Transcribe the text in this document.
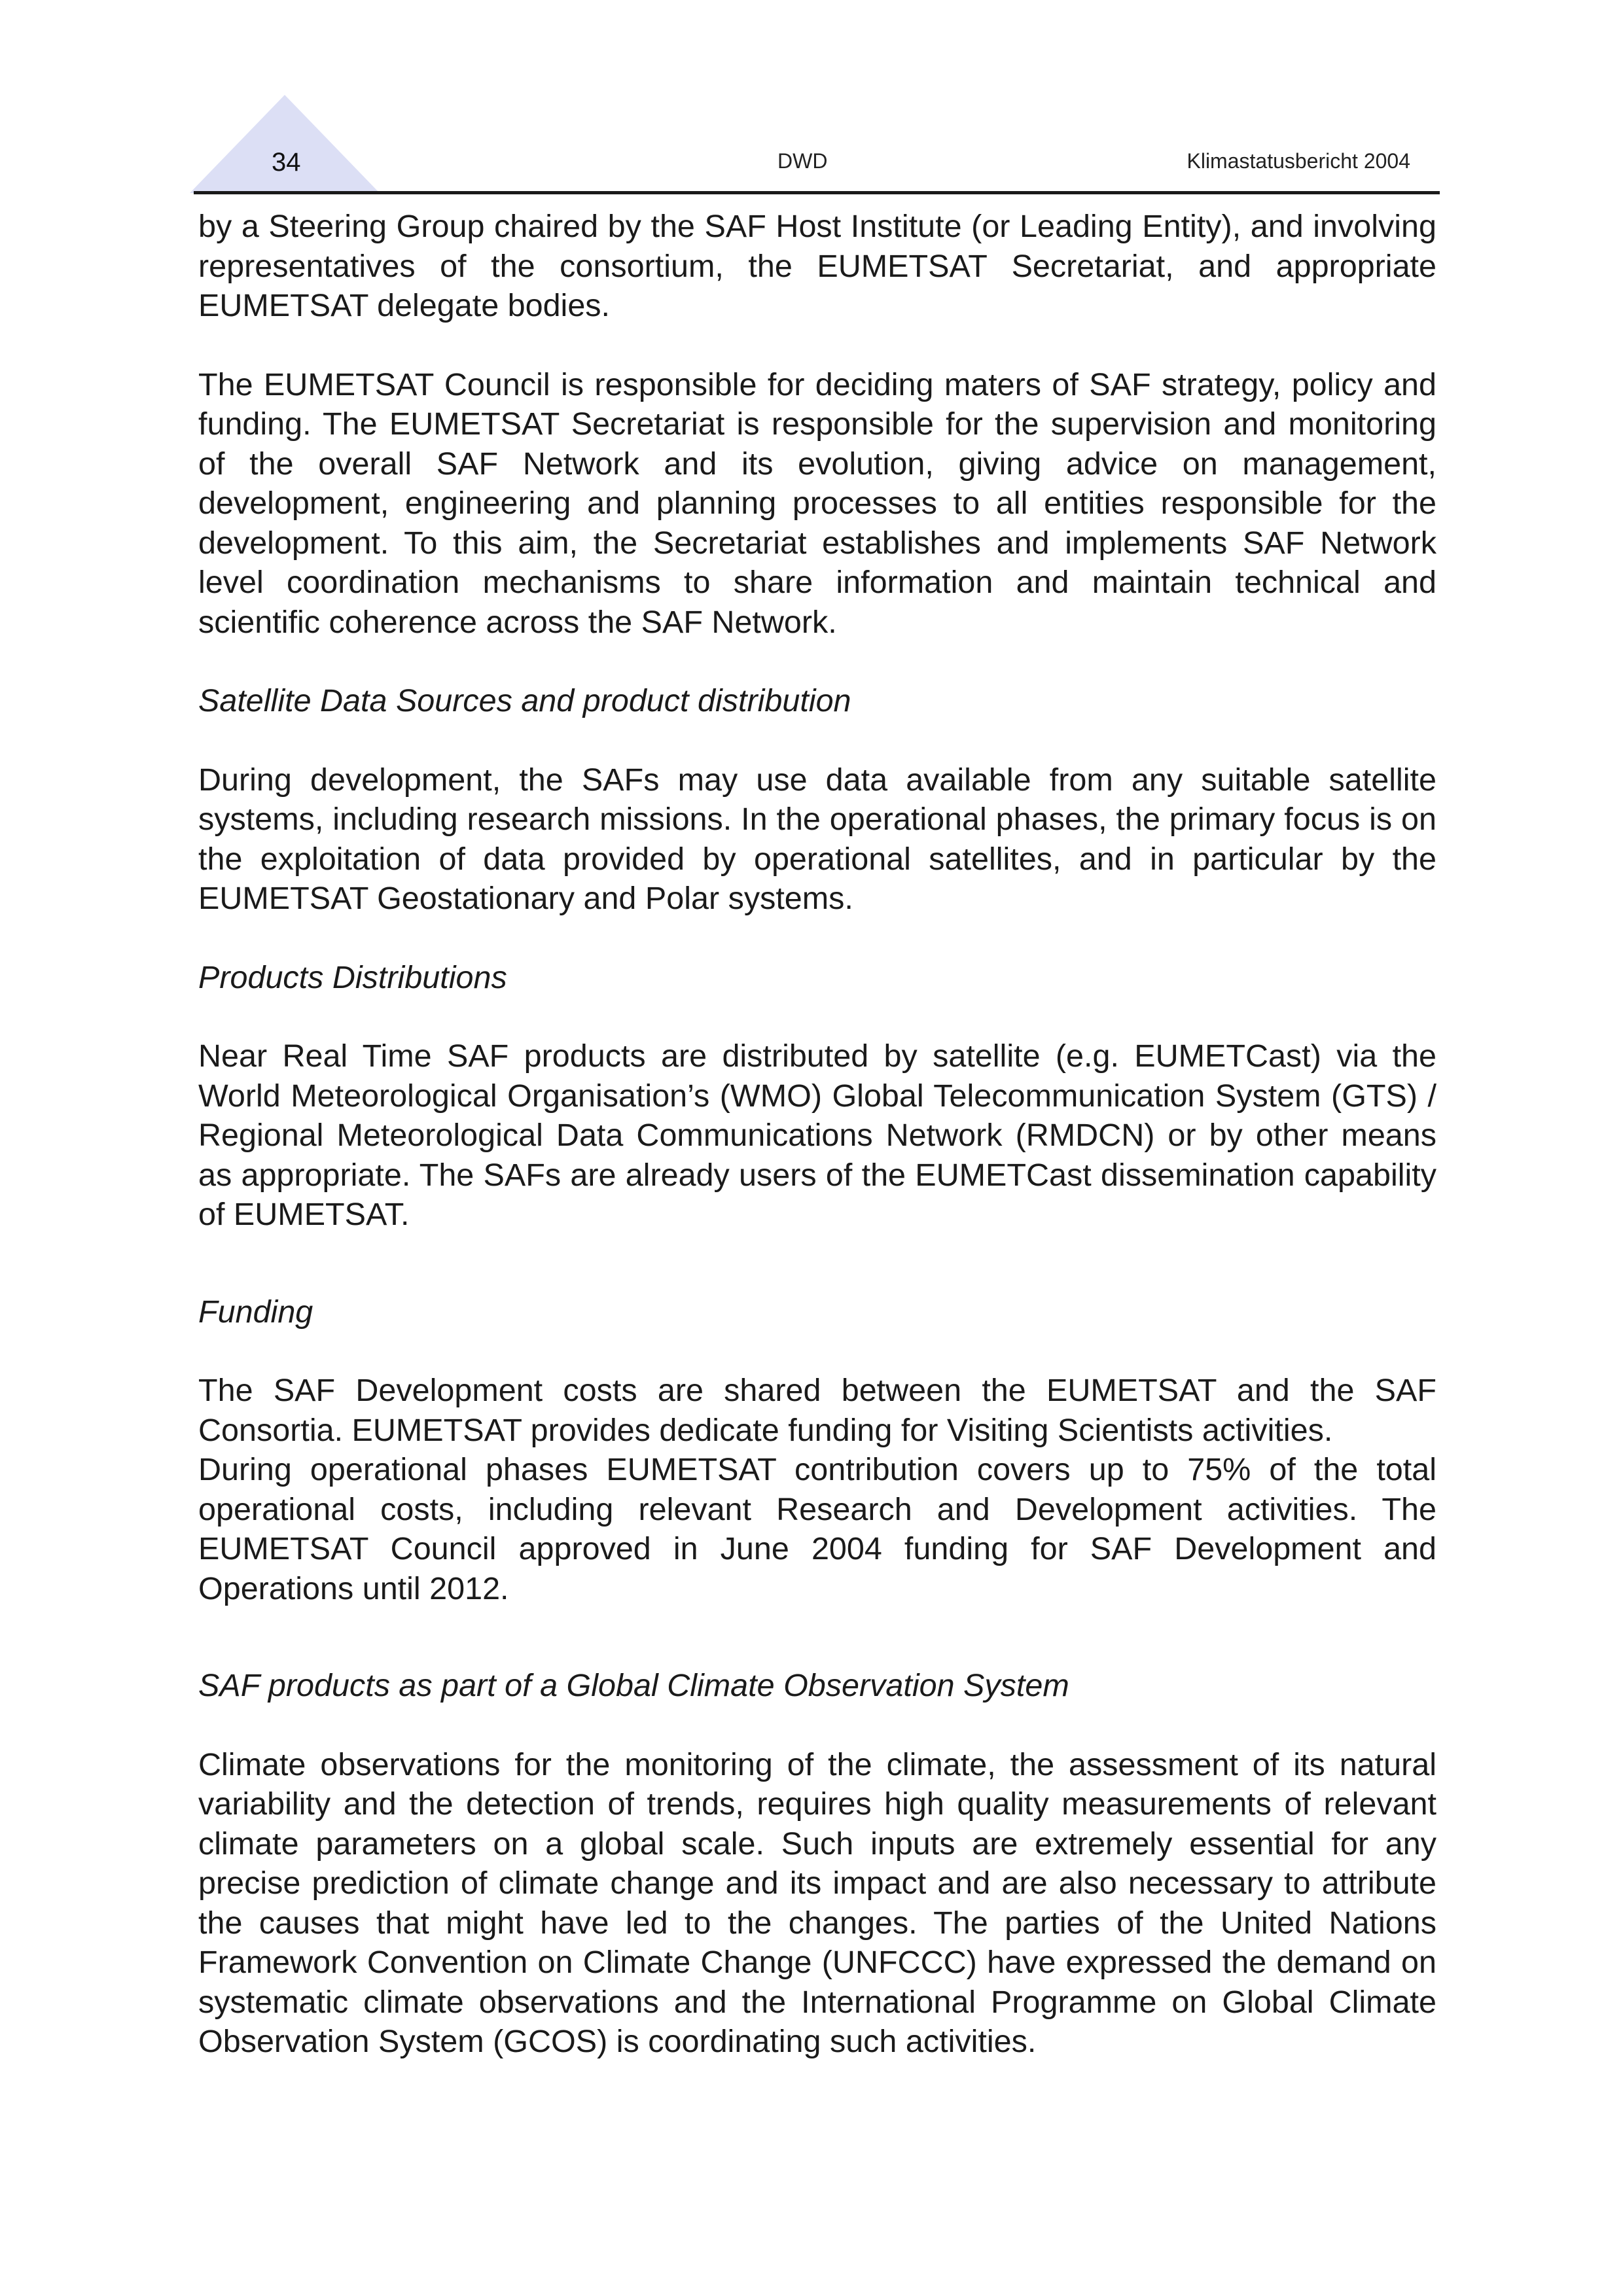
34	DWD	Klimastatusbericht 2004

by a Steering Group chaired by the SAF Host Institute (or Leading Entity), and involving representatives of the consortium, the EUMETSAT Secretariat, and appropriate EUMETSAT delegate bodies.

The EUMETSAT Council is responsible for deciding maters of SAF strategy, policy and funding. The EUMETSAT Secretariat is responsible for the supervision and monitoring of the overall SAF Network and its evolution, giving advice on management, development, engineering and planning processes to all entities responsible for the development. To this aim, the Secretariat establishes and implements SAF Network level coordination mechanisms to share information and maintain technical and scientific coherence across the SAF Network.

Satellite Data Sources and product distribution

During development, the SAFs may use data available from any suitable satellite systems, including research missions. In the operational phases, the primary focus is on the exploitation of data provided by operational satellites, and in particular by the EUMETSAT Geostationary and Polar systems.

Products Distributions

Near Real Time SAF products are distributed by satellite (e.g. EUMETCast) via the World Meteorological Organisation’s (WMO) Global Telecommunication System (GTS) / Regional Meteorological Data Communications Network (RMDCN) or by other means as appropriate. The SAFs are already users of the EUMETCast dissemination capability of EUMETSAT.

Funding

The SAF Development costs are shared between the EUMETSAT and the SAF Consortia. EUMETSAT provides dedicate funding for Visiting Scientists activities.

During operational phases EUMETSAT contribution covers up to 75% of the total operational costs, including relevant Research and Development activities. The EUMETSAT Council approved in June 2004 funding for SAF Development and Operations until 2012.

SAF products as part of a Global Climate Observation System

Climate observations for the monitoring of the climate, the assessment of its natural variability and the detection of trends, requires high quality measurements of relevant climate parameters on a global scale. Such inputs are extremely essential for any precise prediction of climate change and its impact and are also necessary to attribute the causes that might have led to the changes. The parties of the United Nations Framework Convention on Climate Change (UNFCCC) have expressed the demand on systematic climate observations and the International Programme on Global Climate Observation System (GCOS) is coordinating such activities.
